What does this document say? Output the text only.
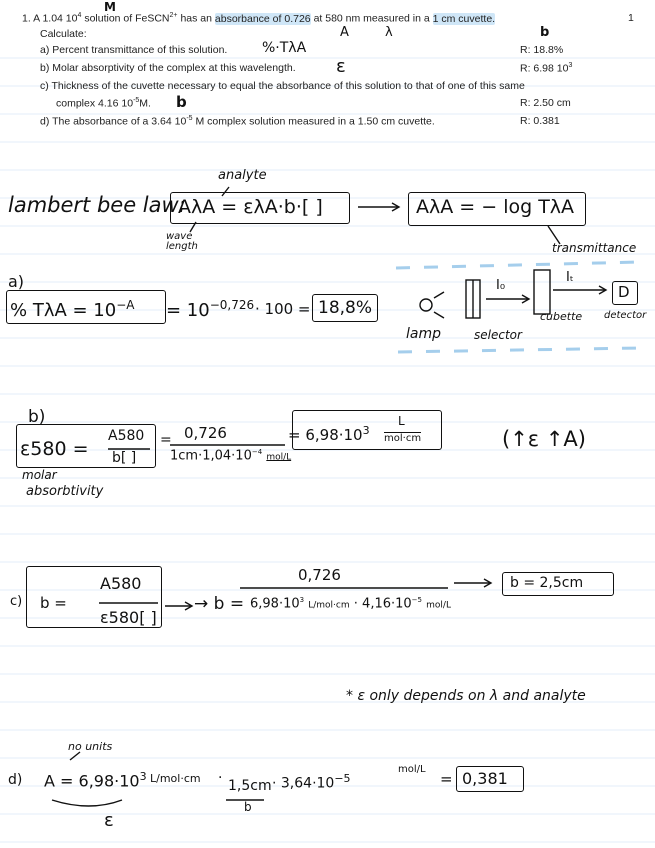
1. A 1.04 $10^4$ solution of FeSCN$^{2+}$ has an absorbance of 0.726 at 580 nm measured in a 1 cm cuvette.	1
Calculate:
a) Percent transmittance of this solution.	R: 18.8%
b) Molar absorptivity of the complex at this wavelength.	R: 6.98 $10^3$
c) Thickness of the cuvette necessary to equal the absorbance of this solution to that of one of this same
complex 4.16 $10^{-5}M$.	R: 2.50 cm
d) The absorbance of a 3.64 $10^{-5}$ M complex solution measured in a 1.50 cm cuvette.	R: 0.381
M
A	λ	b
%·TλA
ε
b
lambert bee law:
analyte
AλA = ελA·b·[ ]
wave length
AλA = − log TλA
transmittance
a)
% $T\lambda A = 10^{-A} = 10^{-0,726} \cdot 100 = 18,8\%$
I₀
Iₜ
D
lamp	selector
cubette detector
b)
ε580 =
A580
b[ ]
= 0,726
$1cm\cdot 1,04\cdot 10^{-4}$ mol/L
= $6,98\cdot 10^3$
L
mol·cm
molar
absorbtivity
(↑ε ↑A)
c) b =
A580
ε580[ ]
→ b =
0,726
$6,98\cdot 10^3$ $L/mol\cdot cm \cdot 4,16\cdot 10^{-5}$ mol/L
b = 2,5cm
* ε only depends on λ and analyte
no units
d) $A = 6,98\cdot 10^3$ L/mol·cm · 1,5cm
b
· $3,64\cdot 10^{-5}$
mol/L
= 0,381
ε
